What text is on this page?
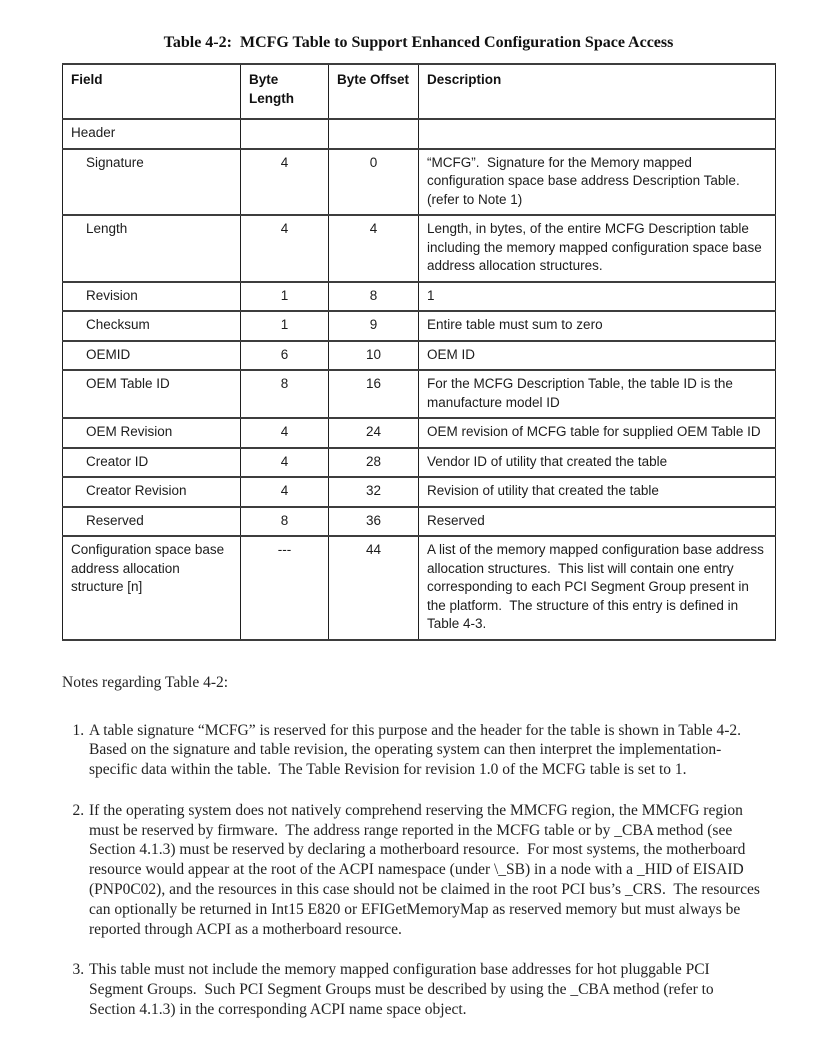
Table 4-2:  MCFG Table to Support Enhanced Configuration Space Access
Field	Byte Length	Byte Offset	Description
Header			
Signature	4	0	“MCFG”.  Signature for the Memory mapped configuration space base address Description Table.  (refer to Note 1)
Length	4	4	Length, in bytes, of the entire MCFG Description table including the memory mapped configuration space base address allocation structures.
Revision	1	8	1
Checksum	1	9	Entire table must sum to zero
OEMID	6	10	OEM ID
OEM Table ID	8	16	For the MCFG Description Table, the table ID is the manufacture model ID
OEM Revision	4	24	OEM revision of MCFG table for supplied OEM Table ID
Creator ID	4	28	Vendor ID of utility that created the table
Creator Revision	4	32	Revision of utility that created the table
Reserved	8	36	Reserved
Configuration space base address allocation structure [n]	---	44	A list of the memory mapped configuration base address allocation structures.  This list will contain one entry corresponding to each PCI Segment Group present in the platform.  The structure of this entry is defined in Table 4-3.
Notes regarding Table 4-2:
1. A table signature “MCFG” is reserved for this purpose and the header for the table is shown in Table 4-2.  Based on the signature and table revision, the operating system can then interpret the implementation-specific data within the table.  The Table Revision for revision 1.0 of the MCFG table is set to 1.
2. If the operating system does not natively comprehend reserving the MMCFG region, the MMCFG region must be reserved by firmware.  The address range reported in the MCFG table or by _CBA method (see Section 4.1.3) must be reserved by declaring a motherboard resource.  For most systems, the motherboard resource would appear at the root of the ACPI namespace (under \_SB) in a node with a _HID of EISAID (PNP0C02), and the resources in this case should not be claimed in the root PCI bus’s _CRS.  The resources can optionally be returned in Int15 E820 or EFIGetMemoryMap as reserved memory but must always be reported through ACPI as a motherboard resource.
3. This table must not include the memory mapped configuration base addresses for hot pluggable PCI Segment Groups.  Such PCI Segment Groups must be described by using the _CBA method (refer to Section 4.1.3) in the corresponding ACPI name space object.
